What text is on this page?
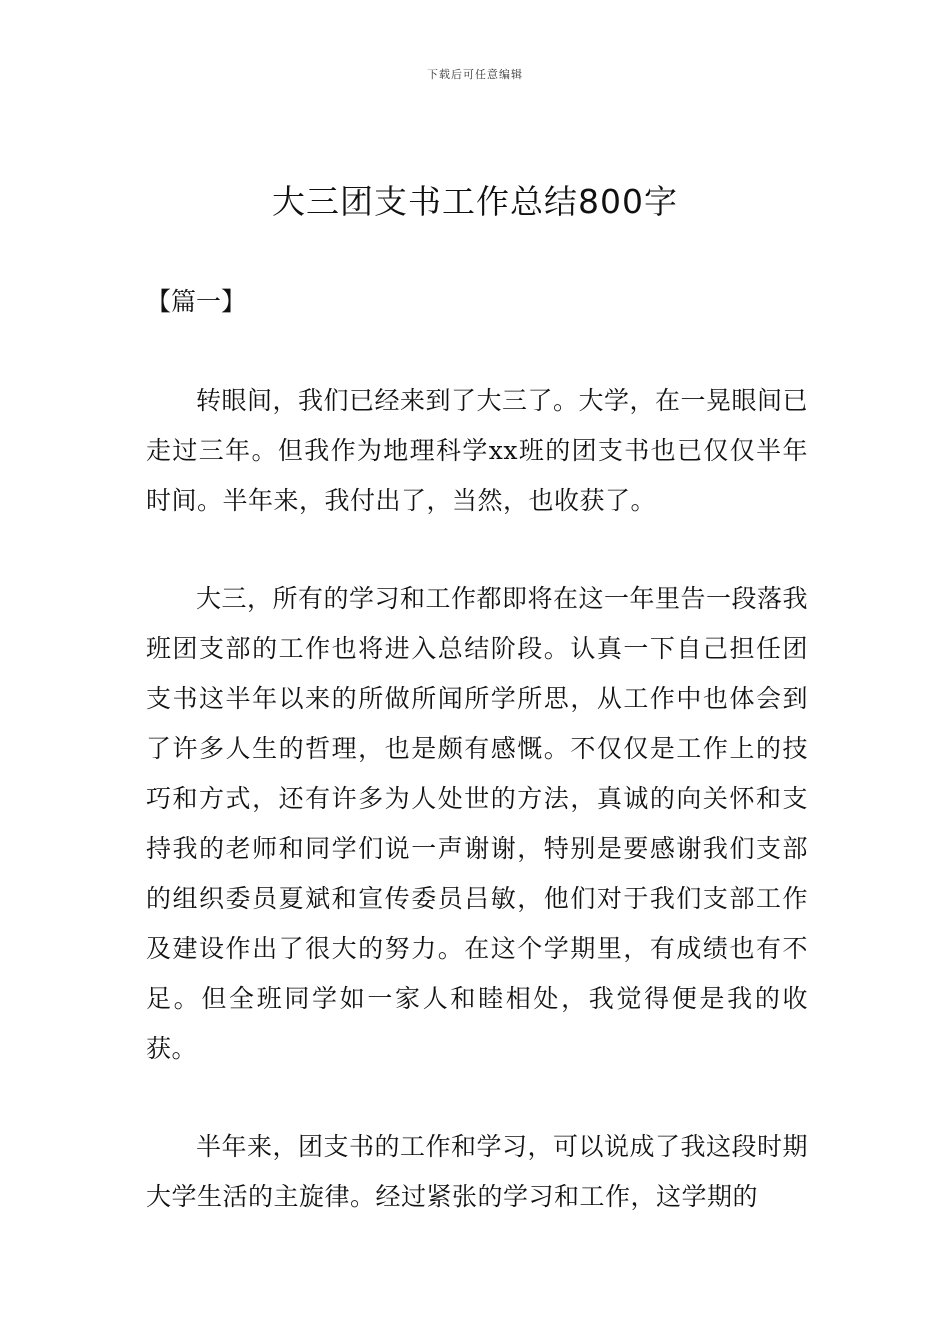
下载后可任意编辑
大三团支书工作总结800字
【篇一】

转眼间，我们已经来到了大三了。大学，在一晃眼间已走过三年。但我作为地理科学xx班的团支书也已仅仅半年时间。半年来，我付出了，当然，也收获了。

大三，所有的学习和工作都即将在这一年里告一段落我班团支部的工作也将进入总结阶段。认真一下自己担任团支书这半年以来的所做所闻所学所思，从工作中也体会到了许多人生的哲理，也是颇有感慨。不仅仅是工作上的技巧和方式，还有许多为人处世的方法，真诚的向关怀和支持我的老师和同学们说一声谢谢，特别是要感谢我们支部的组织委员夏斌和宣传委员吕敏，他们对于我们支部工作及建设作出了很大的努力。在这个学期里，有成绩也有不足。但全班同学如一家人和睦相处，我觉得便是我的收获。

半年来，团支书的工作和学习，可以说成了我这段时期大学生活的主旋律。经过紧张的学习和工作，这学期的
